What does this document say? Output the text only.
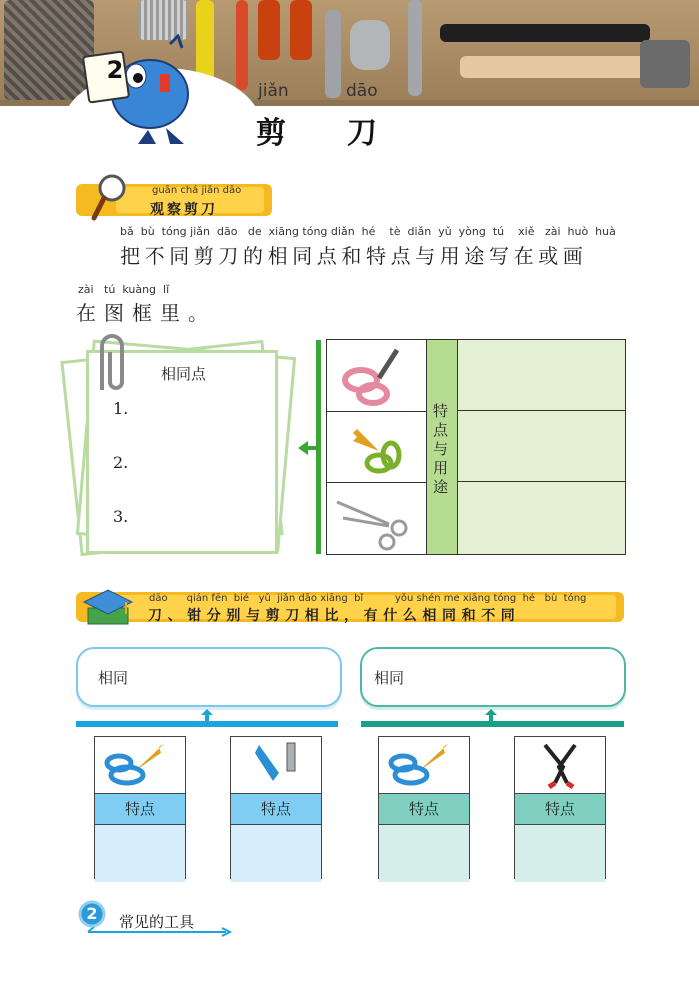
2
jiǎn	dāo
剪 刀
guān chá jiǎn dāo
观察剪刀
bǎ  bù  tóng jiǎn  dāo   de  xiāng tóng diǎn  hé    tè  diǎn  yǔ  yòng  tú    xiě   zài  huò  huà
把不同剪刀的相同点和特点与用途写在或画
zài   tú  kuàng  lǐ
在图框里。
相同点
1.
2.
3.
特点与用途
dāo      qián fēn  bié   yǔ  jiǎn dāo xiāng  bǐ          yǒu shén me xiāng tóng  hé   bù  tóng
刀、钳分别与剪刀相比，有什么相同和不同
相同	相同
特点	特点	特点	特点
2 常见的工具
